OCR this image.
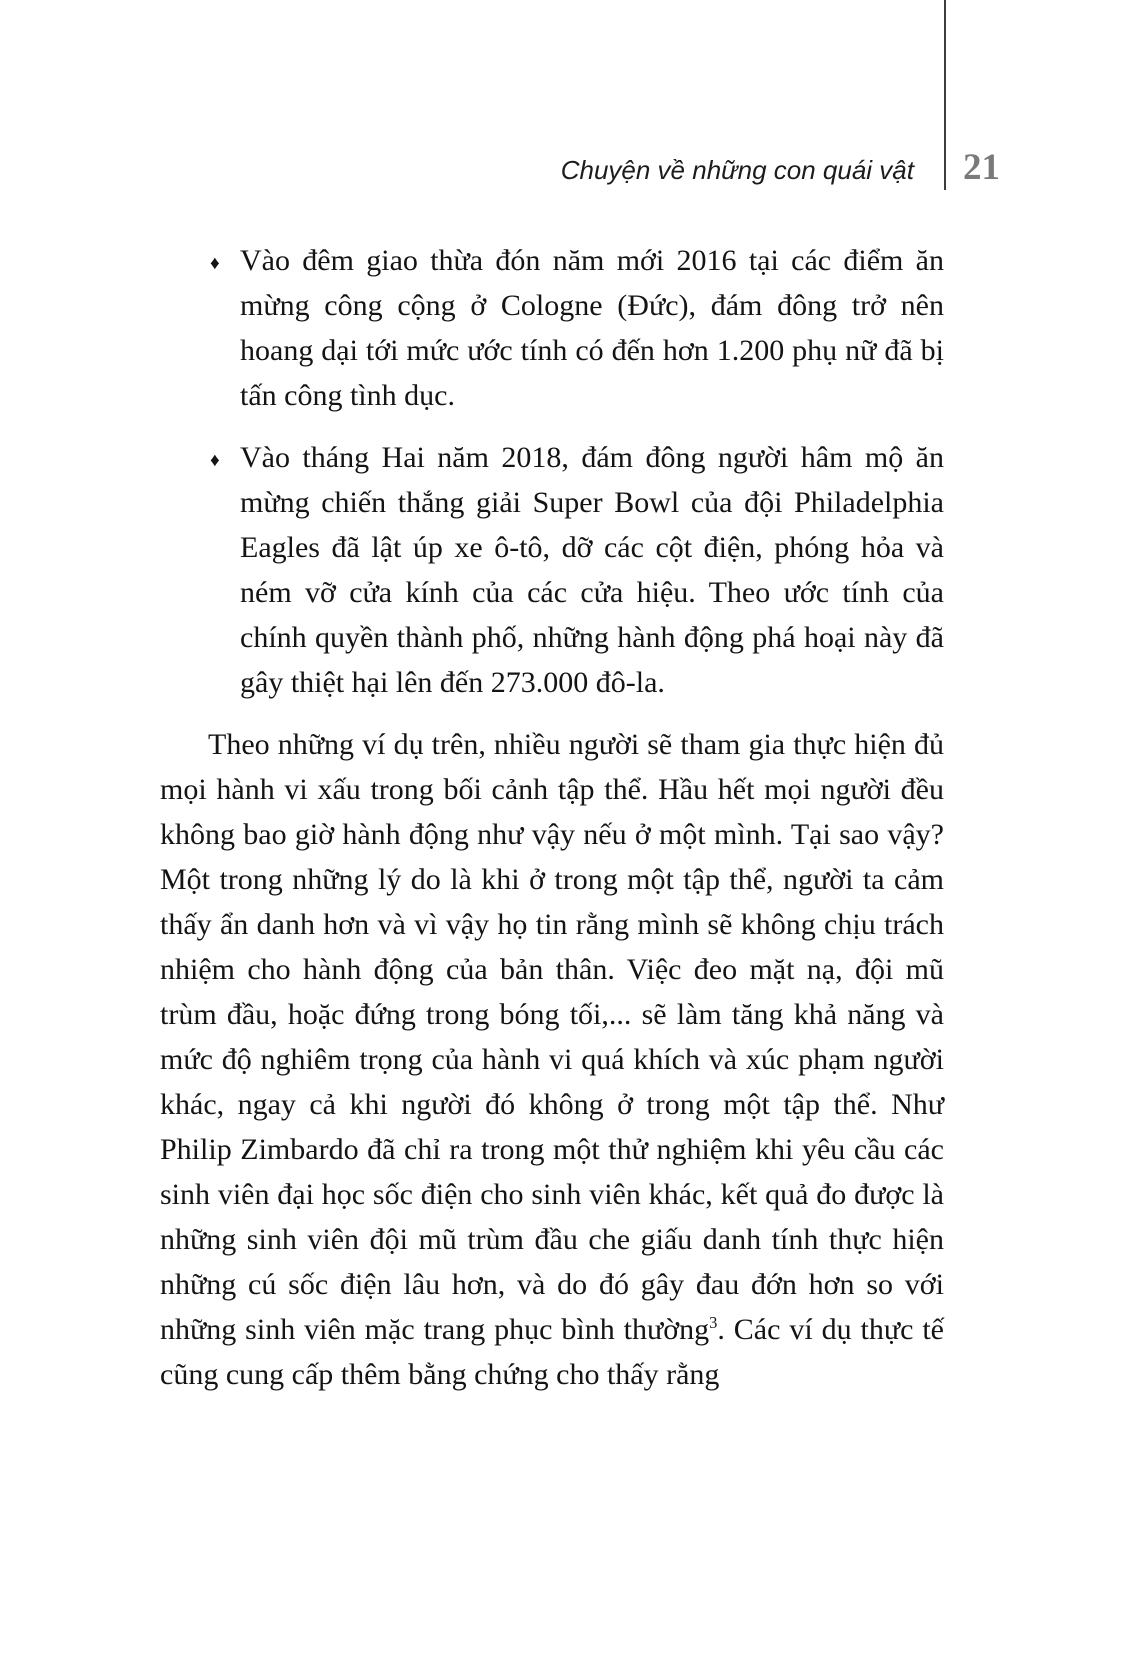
Chuyện về những con quái vật 21
♦ Vào đêm giao thừa đón năm mới 2016 tại các điểm ăn mừng công cộng ở Cologne (Đức), đám đông trở nên hoang dại tới mức ước tính có đến hơn 1.200 phụ nữ đã bị tấn công tình dục.
♦ Vào tháng Hai năm 2018, đám đông người hâm mộ ăn mừng chiến thắng giải Super Bowl của đội Philadelphia Eagles đã lật úp xe ô-tô, dỡ các cột điện, phóng hỏa và ném vỡ cửa kính của các cửa hiệu. Theo ước tính của chính quyền thành phố, những hành động phá hoại này đã gây thiệt hại lên đến 273.000 đô-la.

Theo những ví dụ trên, nhiều người sẽ tham gia thực hiện đủ mọi hành vi xấu trong bối cảnh tập thể. Hầu hết mọi người đều không bao giờ hành động như vậy nếu ở một mình. Tại sao vậy? Một trong những lý do là khi ở trong một tập thể, người ta cảm thấy ẩn danh hơn và vì vậy họ tin rằng mình sẽ không chịu trách nhiệm cho hành động của bản thân. Việc đeo mặt nạ, đội mũ trùm đầu, hoặc đứng trong bóng tối,... sẽ làm tăng khả năng và mức độ nghiêm trọng của hành vi quá khích và xúc phạm người khác, ngay cả khi người đó không ở trong một tập thể. Như Philip Zimbardo đã chỉ ra trong một thử nghiệm khi yêu cầu các sinh viên đại học sốc điện cho sinh viên khác, kết quả đo được là những sinh viên đội mũ trùm đầu che giấu danh tính thực hiện những cú sốc điện lâu hơn, và do đó gây đau đớn hơn so với những sinh viên mặc trang phục bình thường$^3$. Các ví dụ thực tế cũng cung cấp thêm bằng chứng cho thấy rằng
